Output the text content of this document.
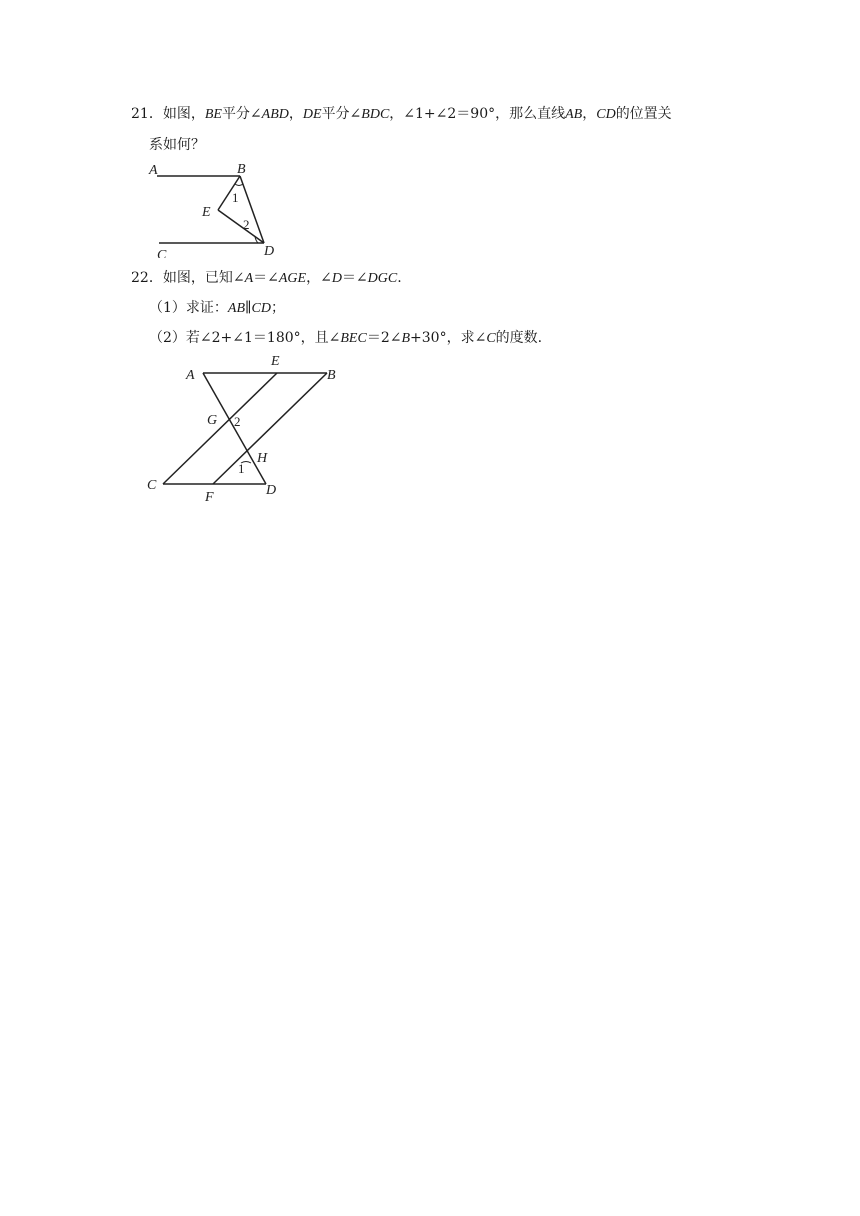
21．如图，BE平分∠ABD，DE平分∠BDC，∠1+∠2＝90°，那么直线AB，CD的位置关
系如何？
A	B
E
C	D
1
2
22．如图，已知∠A＝∠AGE，∠D＝∠DGC.
（1）求证：AB∥CD；
（2）若∠2+∠1＝180°，且∠BEC＝2∠B+30°，求∠C的度数.
A
E
B
G
H
C
F	D
2
1
